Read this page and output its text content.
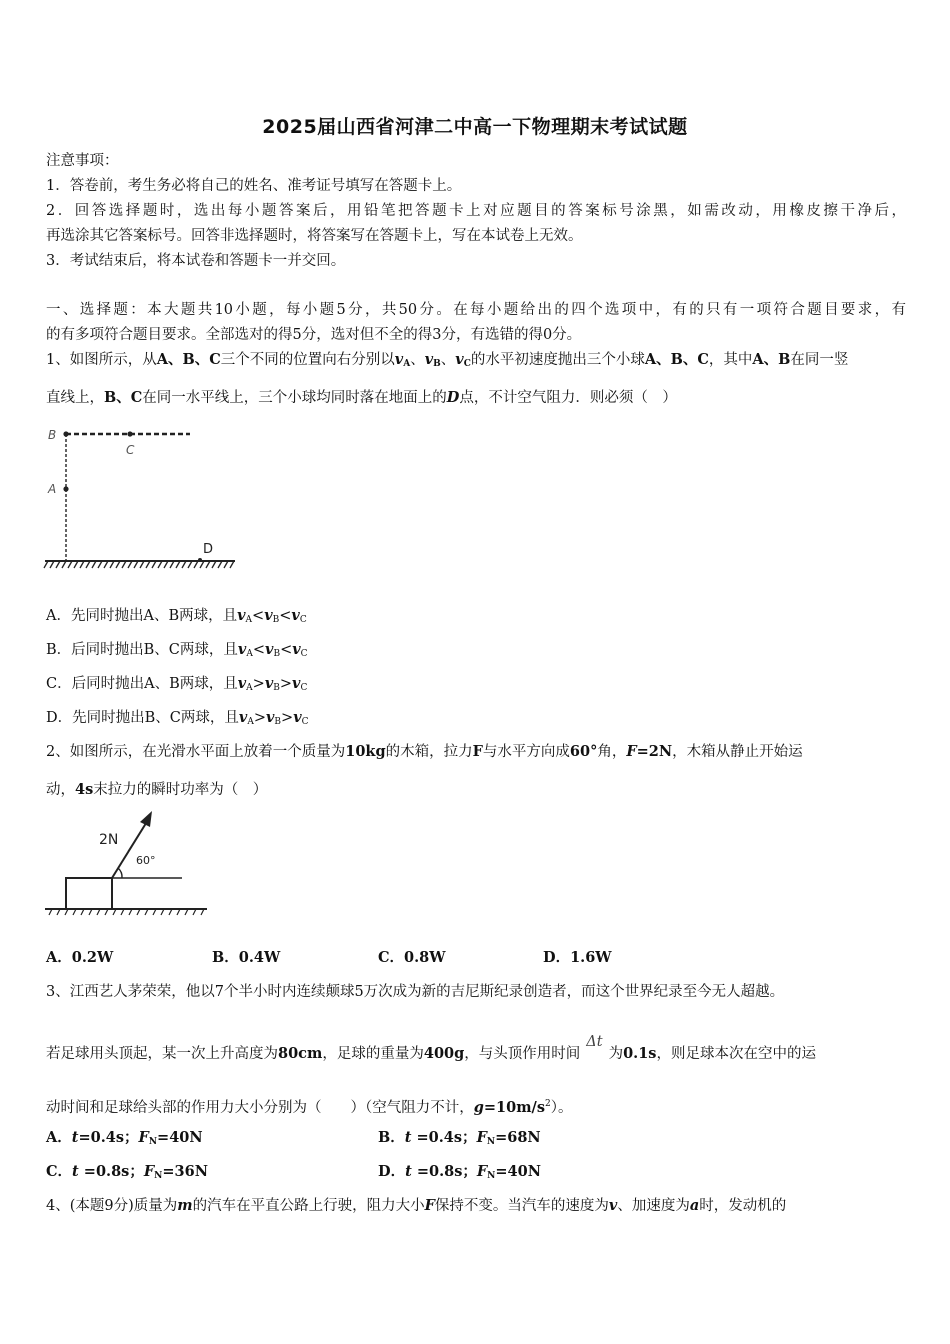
2025届山西省河津二中高一下物理期末考试试题
注意事项：
1．答卷前，考生务必将自己的姓名、准考证号填写在答题卡上。
2．回答选择题时，选出每小题答案后，用铅笔把答题卡上对应题目的答案标号涂黑，如需改动，用橡皮擦干净后，
再选涂其它答案标号。回答非选择题时，将答案写在答题卡上，写在本试卷上无效。
3．考试结束后，将本试卷和答题卡一并交回。
一、选择题：本大题共10小题，每小题5分，共50分。在每小题给出的四个选项中，有的只有一项符合题目要求，有
的有多项符合题目要求。全部选对的得5分，选对但不全的得3分，有选错的得0分。
1、如图所示，从A、B、C三个不同的位置向右分别以$v_A$、$v_B$、$v_C$的水平初速度抛出三个小球A、B、C，其中A、B在同一竖
直线上，B、C在同一水平线上，三个小球均同时落在地面上的D点，不计空气阻力．则必须（　）
B
C
A
D
A．先同时抛出A、B两球，且$v_A<v_B<v_C$
B．后同时抛出B、C两球，且$v_A<v_B<v_C$
C．后同时抛出A、B两球，且$v_A>v_B>v_C$
D．先同时抛出B、C两球，且$v_A>v_B>v_C$
2、如图所示，在光滑水平面上放着一个质量为10kg的木箱，拉力F与水平方向成60°角，F=2N，木箱从静止开始运
动，4s末拉力的瞬时功率为（　）
2N
60°
A．0.2W	B．0.4W	C．0.8W	D．1.6W
3、江西艺人茅荣荣，他以7个半小时内连续颠球5万次成为新的吉尼斯纪录创造者，而这个世界纪录至今无人超越。
若足球用头顶起，某一次上升高度为80cm，足球的重量为400g，与头顶作用时间Δt为0.1s，则足球本次在空中的运
动时间和足球给头部的作用力大小分别为（　　）（空气阻力不计，$g=10m/s^2$）。
A．t=0.4s；$F_N=40N$	B．t =0.4s；$F_N=68N$
C．t =0.8s；$F_N=36N$	D．t =0.8s；$F_N=40N$
4、(本题9分)质量为m的汽车在平直公路上行驶，阻力大小F保持不变。当汽车的速度为v、加速度为a时，发动机的
